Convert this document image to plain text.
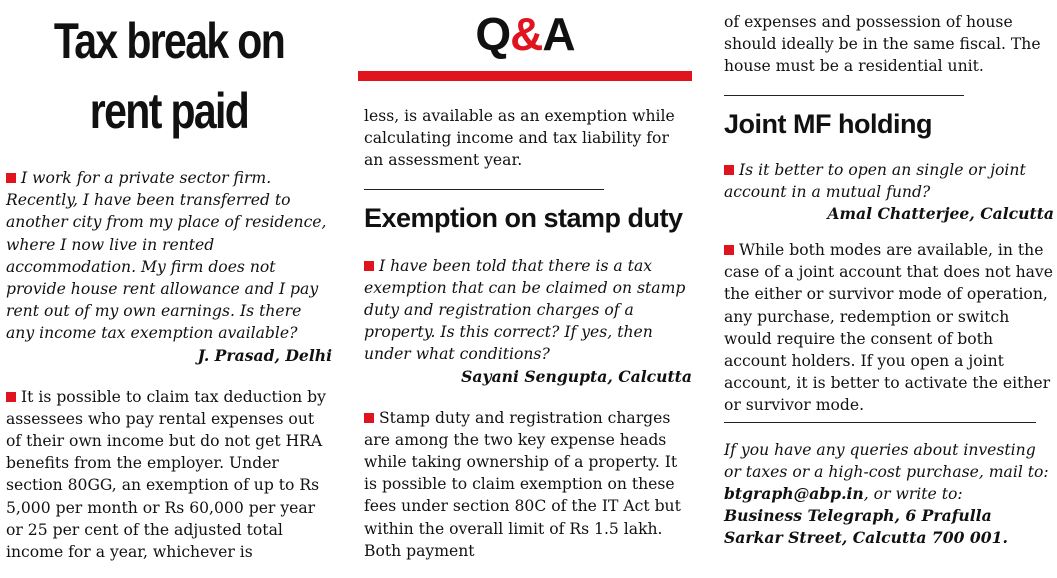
Tax break on
rent paid

I work for a private sector firm. Recently, I have been transferred to another city from my place of residence, where I now live in rented accommodation. My firm does not provide house rent allowance and I pay rent out of my own earnings. Is there any income tax exemption available?

J. Prasad, Delhi

It is possible to claim tax deduction by assessees who pay rental expenses out of their own income but do not get HRA benefits from the employer. Under section 80GG, an exemption of up to Rs 5,000 per month or Rs 60,000 per year or 25 per cent of the adjusted total income for a year, whichever is

Q&A

less, is available as an exemption while calculating income and tax liability for an assessment year.

Exemption on stamp duty

I have been told that there is a tax exemption that can be claimed on stamp duty and registration charges of a property. Is this correct? If yes, then under what conditions?

Sayani Sengupta, Calcutta

Stamp duty and registration charges are among the two key expense heads while taking ownership of a property. It is possible to claim exemption on these fees under section 80C of the IT Act but within the overall limit of Rs 1.5 lakh. Both payment

of expenses and possession of house should ideally be in the same fiscal. The house must be a residential unit.

Joint MF holding

Is it better to open an single or joint account in a mutual fund?

Amal Chatterjee, Calcutta

While both modes are available, in the case of a joint account that does not have the either or survivor mode of operation, any purchase, redemption or switch would require the consent of both account holders. If you open a joint account, it is better to activate the either or survivor mode.

If you have any queries about investing or taxes or a high-cost purchase, mail to: btgraph@abp.in, or write to:
Business Telegraph, 6 Prafulla
Sarkar Street, Calcutta 700 001.
